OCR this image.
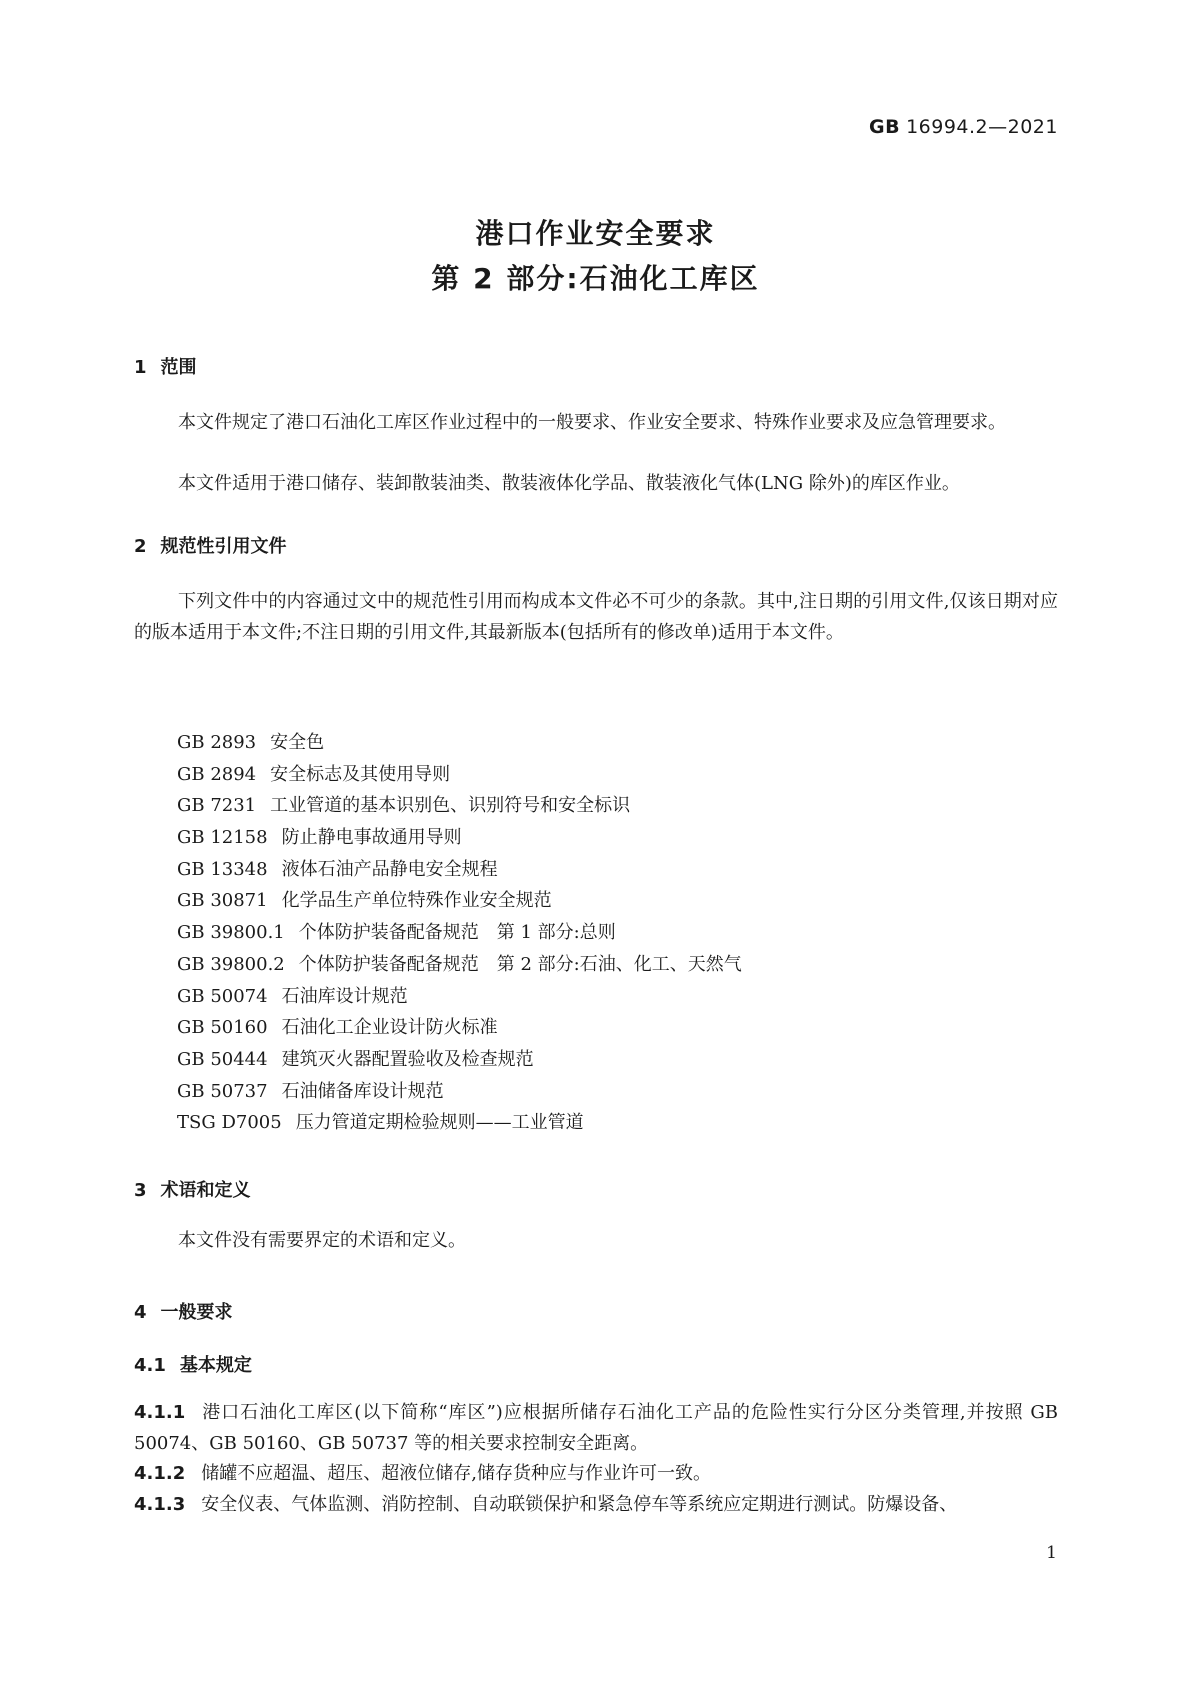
GB 16994.2—2021
港口作业安全要求
第 2 部分:石油化工库区
1 范围
本文件规定了港口石油化工库区作业过程中的一般要求、作业安全要求、特殊作业要求及应急管理要求。
本文件适用于港口储存、装卸散装油类、散装液体化学品、散装液化气体(LNG 除外)的库区作业。
2 规范性引用文件
下列文件中的内容通过文中的规范性引用而构成本文件必不可少的条款。其中,注日期的引用文件,仅该日期对应的版本适用于本文件;不注日期的引用文件,其最新版本(包括所有的修改单)适用于本文件。
GB 2893 安全色
GB 2894 安全标志及其使用导则
GB 7231 工业管道的基本识别色、识别符号和安全标识
GB 12158 防止静电事故通用导则
GB 13348 液体石油产品静电安全规程
GB 30871 化学品生产单位特殊作业安全规范
GB 39800.1 个体防护装备配备规范　第 1 部分:总则
GB 39800.2 个体防护装备配备规范　第 2 部分:石油、化工、天然气
GB 50074 石油库设计规范
GB 50160 石油化工企业设计防火标准
GB 50444 建筑灭火器配置验收及检查规范
GB 50737 石油储备库设计规范
TSG D7005 压力管道定期检验规则——工业管道
3 术语和定义
本文件没有需要界定的术语和定义。
4 一般要求
4.1 基本规定
4.1.1 港口石油化工库区(以下简称“库区”)应根据所储存石油化工产品的危险性实行分区分类管理,并按照 GB 50074、GB 50160、GB 50737 等的相关要求控制安全距离。
4.1.2 储罐不应超温、超压、超液位储存,储存货种应与作业许可一致。
4.1.3 安全仪表、气体监测、消防控制、自动联锁保护和紧急停车等系统应定期进行测试。防爆设备、
1
